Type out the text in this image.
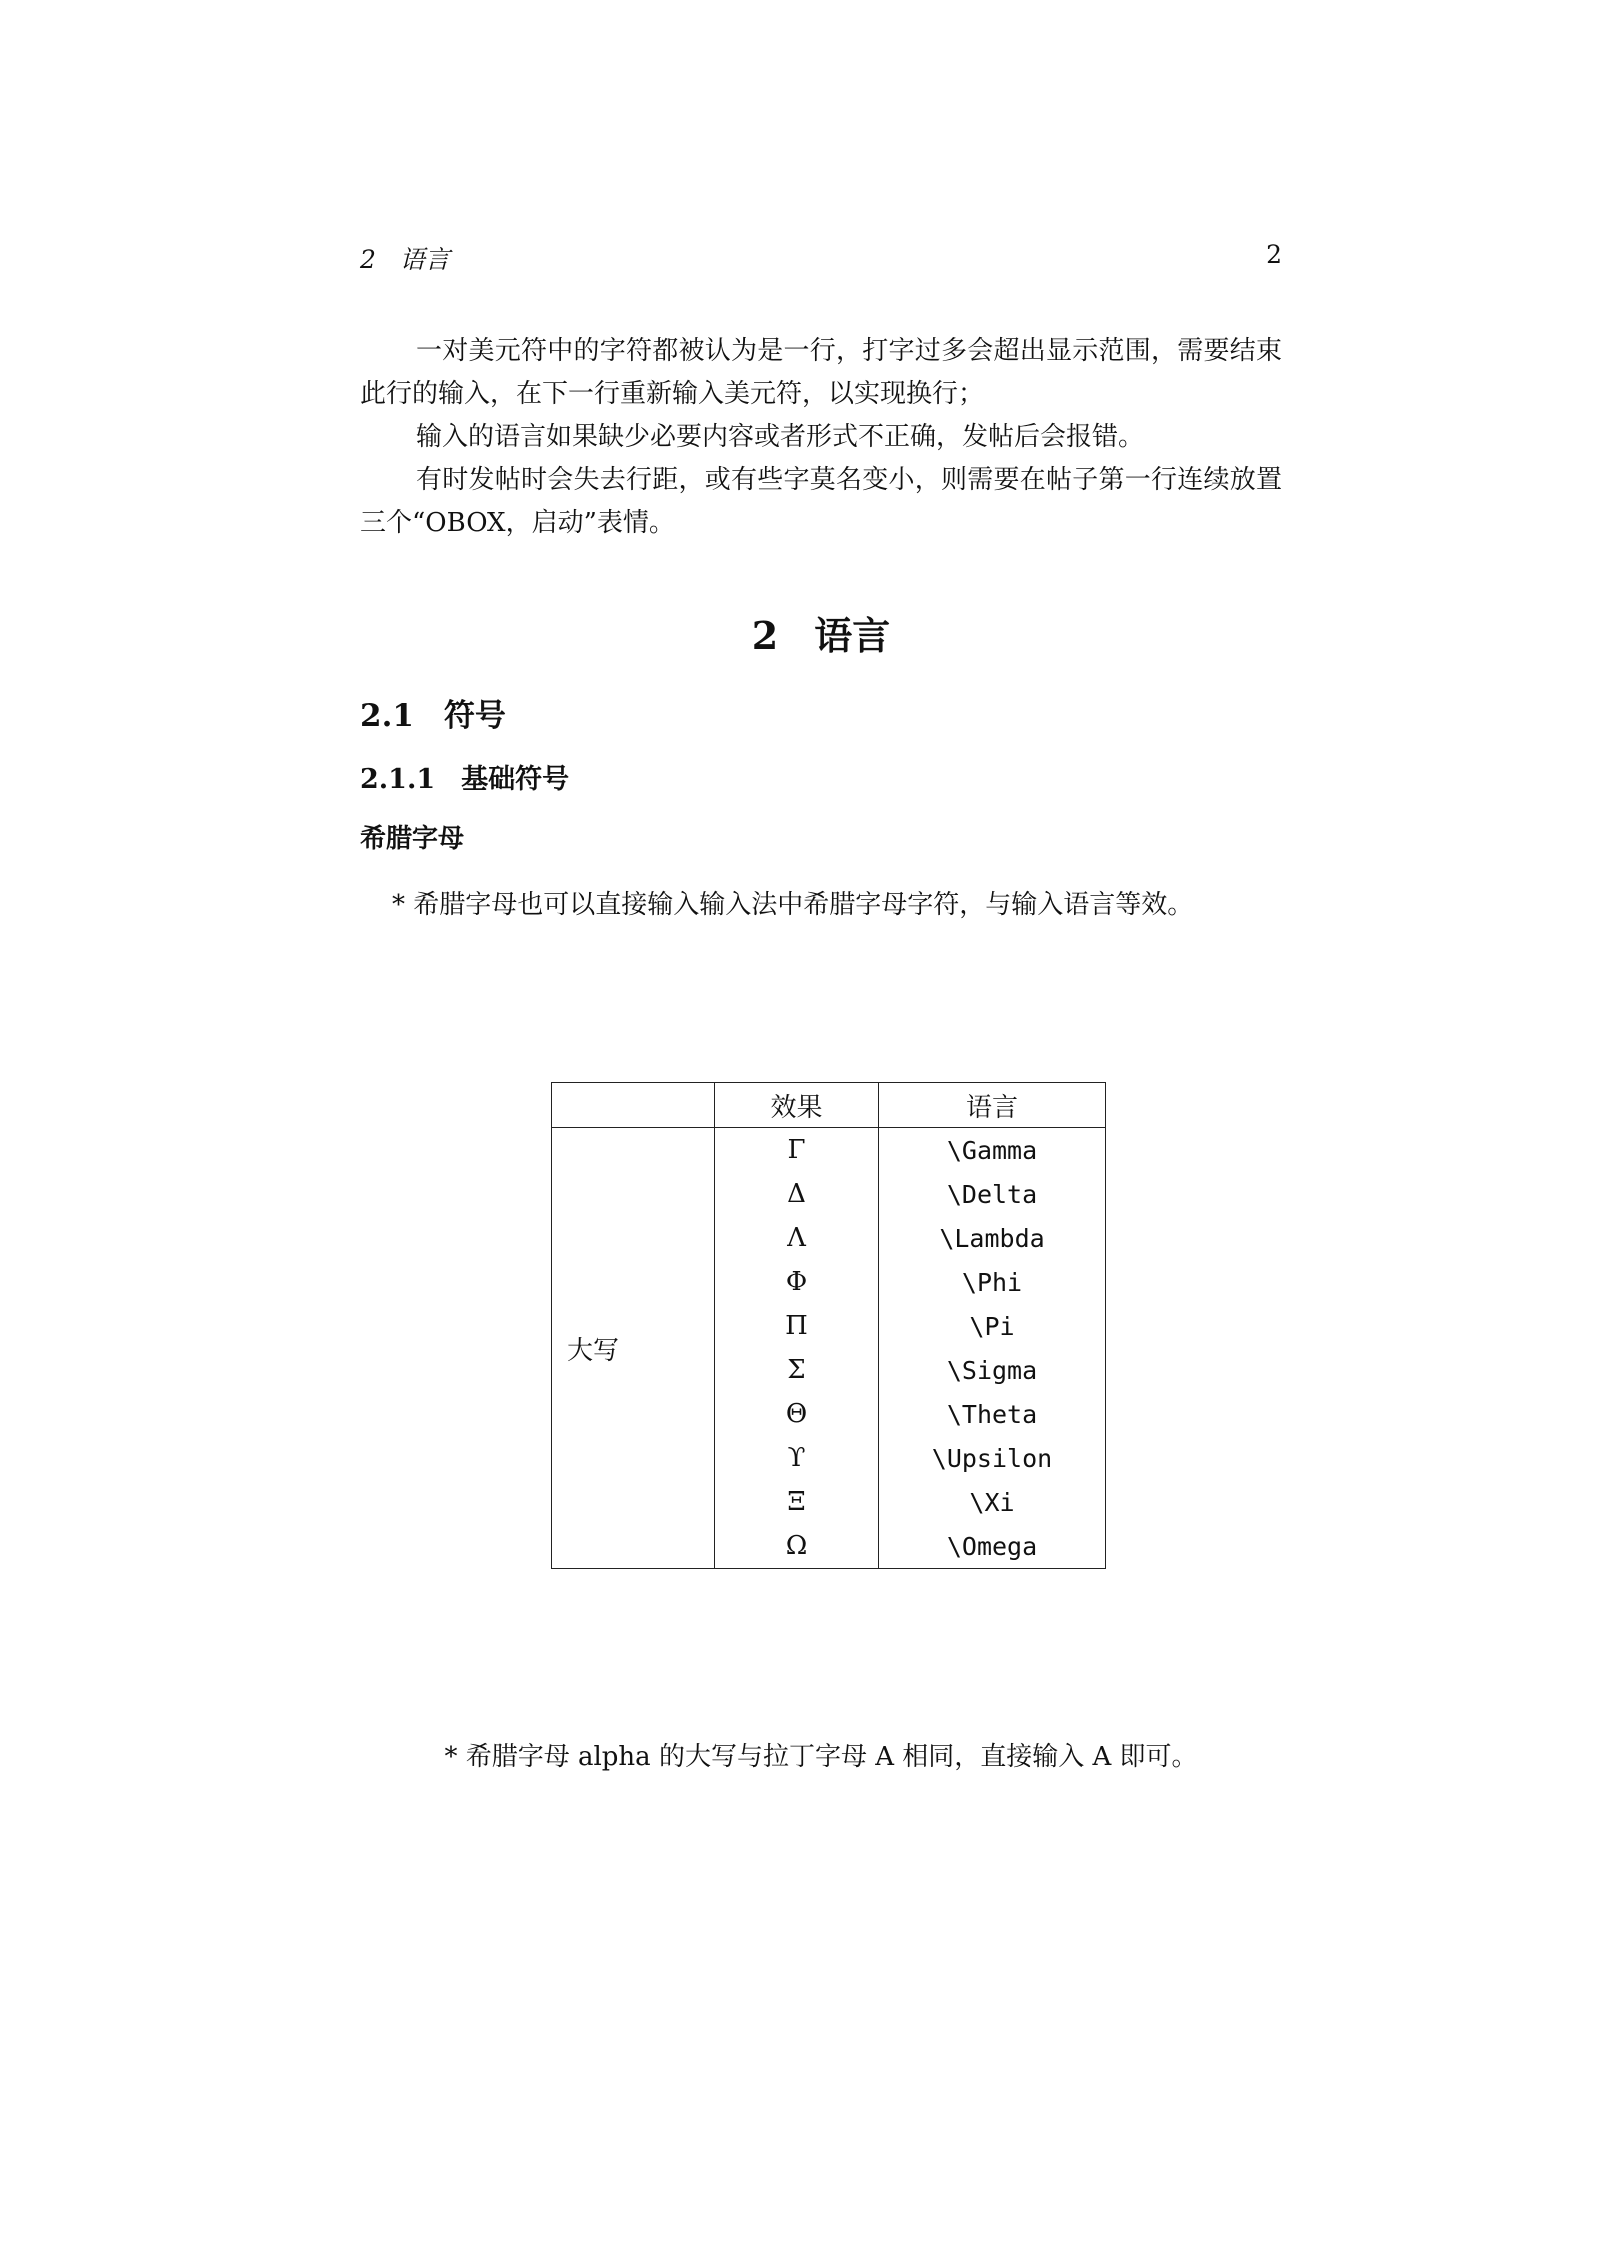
2   语言	2

一对美元符中的字符都被认为是一行，打字过多会超出显示范围，需要结束此行的输入，在下一行重新输入美元符，以实现换行；

输入的语言如果缺少必要内容或者形式不正确，发帖后会报错。

有时发帖时会失去行距，或有些字莫名变小，则需要在帖子第一行连续放置三个“OBOX，启动”表情。

2 语言
2.1 符号
2.1.1 基础符号
希腊字母
* 希腊字母也可以直接输入输入法中希腊字母字符，与输入语言等效。
	效果	语言
大写	Γ	\Gamma
	Δ	\Delta
	Λ	\Lambda
	Φ	\Phi
	Π	\Pi
	Σ	\Sigma
	Θ	\Theta
	ϒ	\Upsilon
	Ξ	\Xi
	Ω	\Omega
* 希腊字母 alpha 的大写与拉丁字母 A 相同，直接输入 A 即可。
